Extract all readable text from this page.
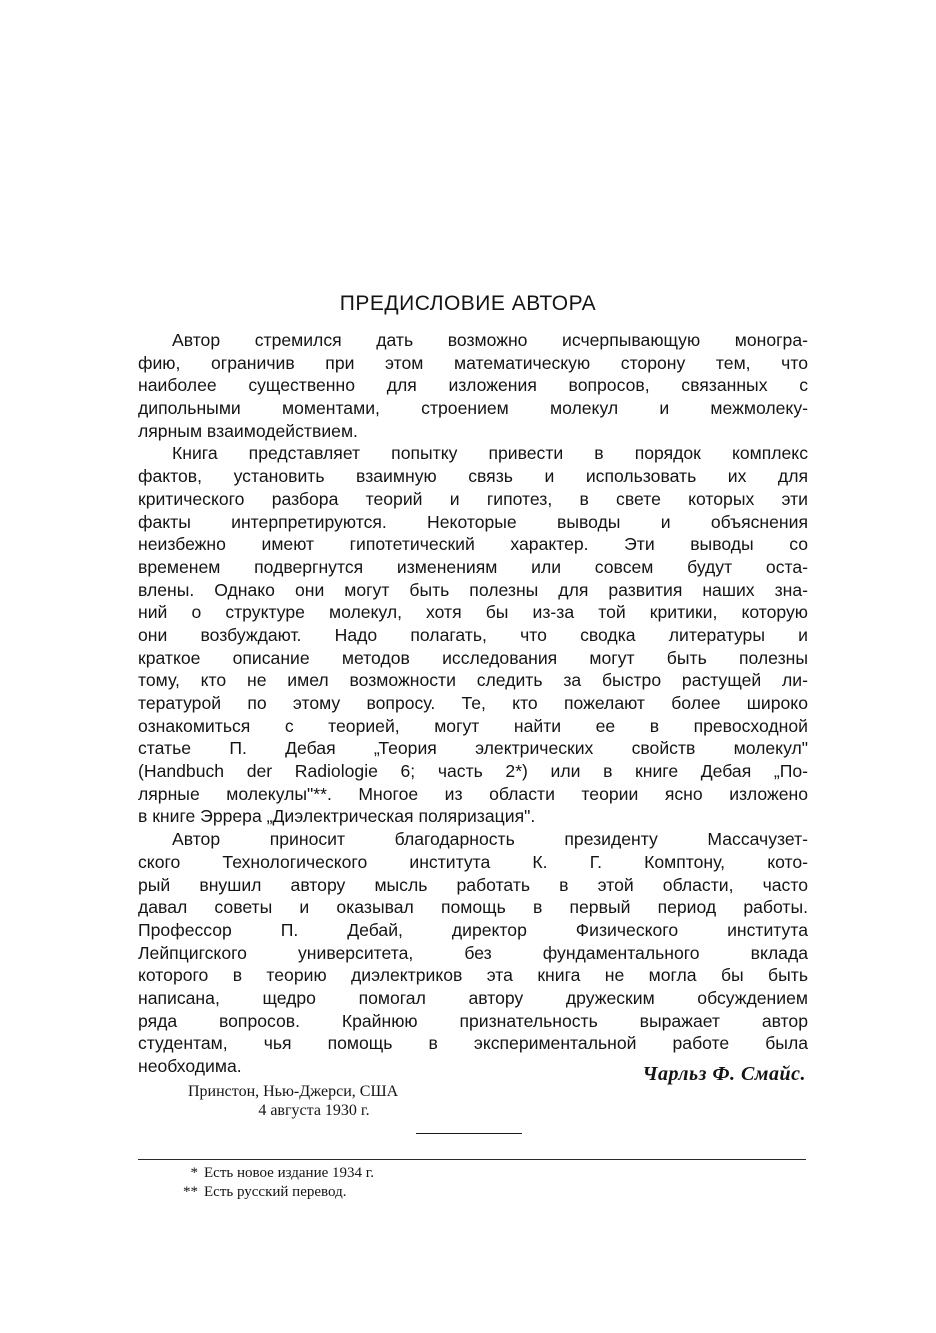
ПРЕДИСЛОВИЕ АВТОРА
Автор стремился дать возможно исчерпывающую моногра-
фию, ограничив при этом математическую сторону тем, что
наиболее существенно для изложения вопросов, связанных с
дипольными моментами, строением молекул и межмолеку-
лярным взаимодействием.
Книга представляет попытку привести в порядок комплекс
фактов, установить взаимную связь и использовать их для
критического разбора теорий и гипотез, в свете которых эти
факты интерпретируются. Некоторые выводы и объяснения
неизбежно имеют гипотетический характер. Эти выводы со
временем подвергнутся изменениям или совсем будут оста-
влены. Однако они могут быть полезны для развития наших зна-
ний о структуре молекул, хотя бы из-за той критики, которую
они возбуждают. Надо полагать, что сводка литературы и
краткое описание методов исследования могут быть полезны
тому, кто не имел возможности следить за быстро растущей ли-
тературой по этому вопросу. Те, кто пожелают более широко
ознакомиться с теорией, могут найти ее в превосходной
статье П. Дебая „Теория электрических свойств молекул"
(Handbuch der Radiologie 6; часть 2*) или в книге Дебая „По-
лярные молекулы"**. Многое из области теории ясно изложено
в книге Эррера „Диэлектрическая поляризация".
Автор приносит благодарность президенту Массачузет-
ского Технологического института К. Г. Комптону, кото-
рый внушил автору мысль работать в этой области, часто
давал советы и оказывал помощь в первый период работы.
Профессор П. Дебай, директор Физического института
Лейпцигского университета, без фундаментального вклада
которого в теорию диэлектриков эта книга не могла бы быть
написана, щедро помогал автору дружеским обсуждением
ряда вопросов. Крайнюю признательность выражает автор
студентам, чья помощь в экспериментальной работе была
необходима.	Чарльз Ф. Смайс.
Принстон, Нью-Джерси, США
4 августа 1930 г.
* Есть новое издание 1934 г.
** Есть русский перевод.
